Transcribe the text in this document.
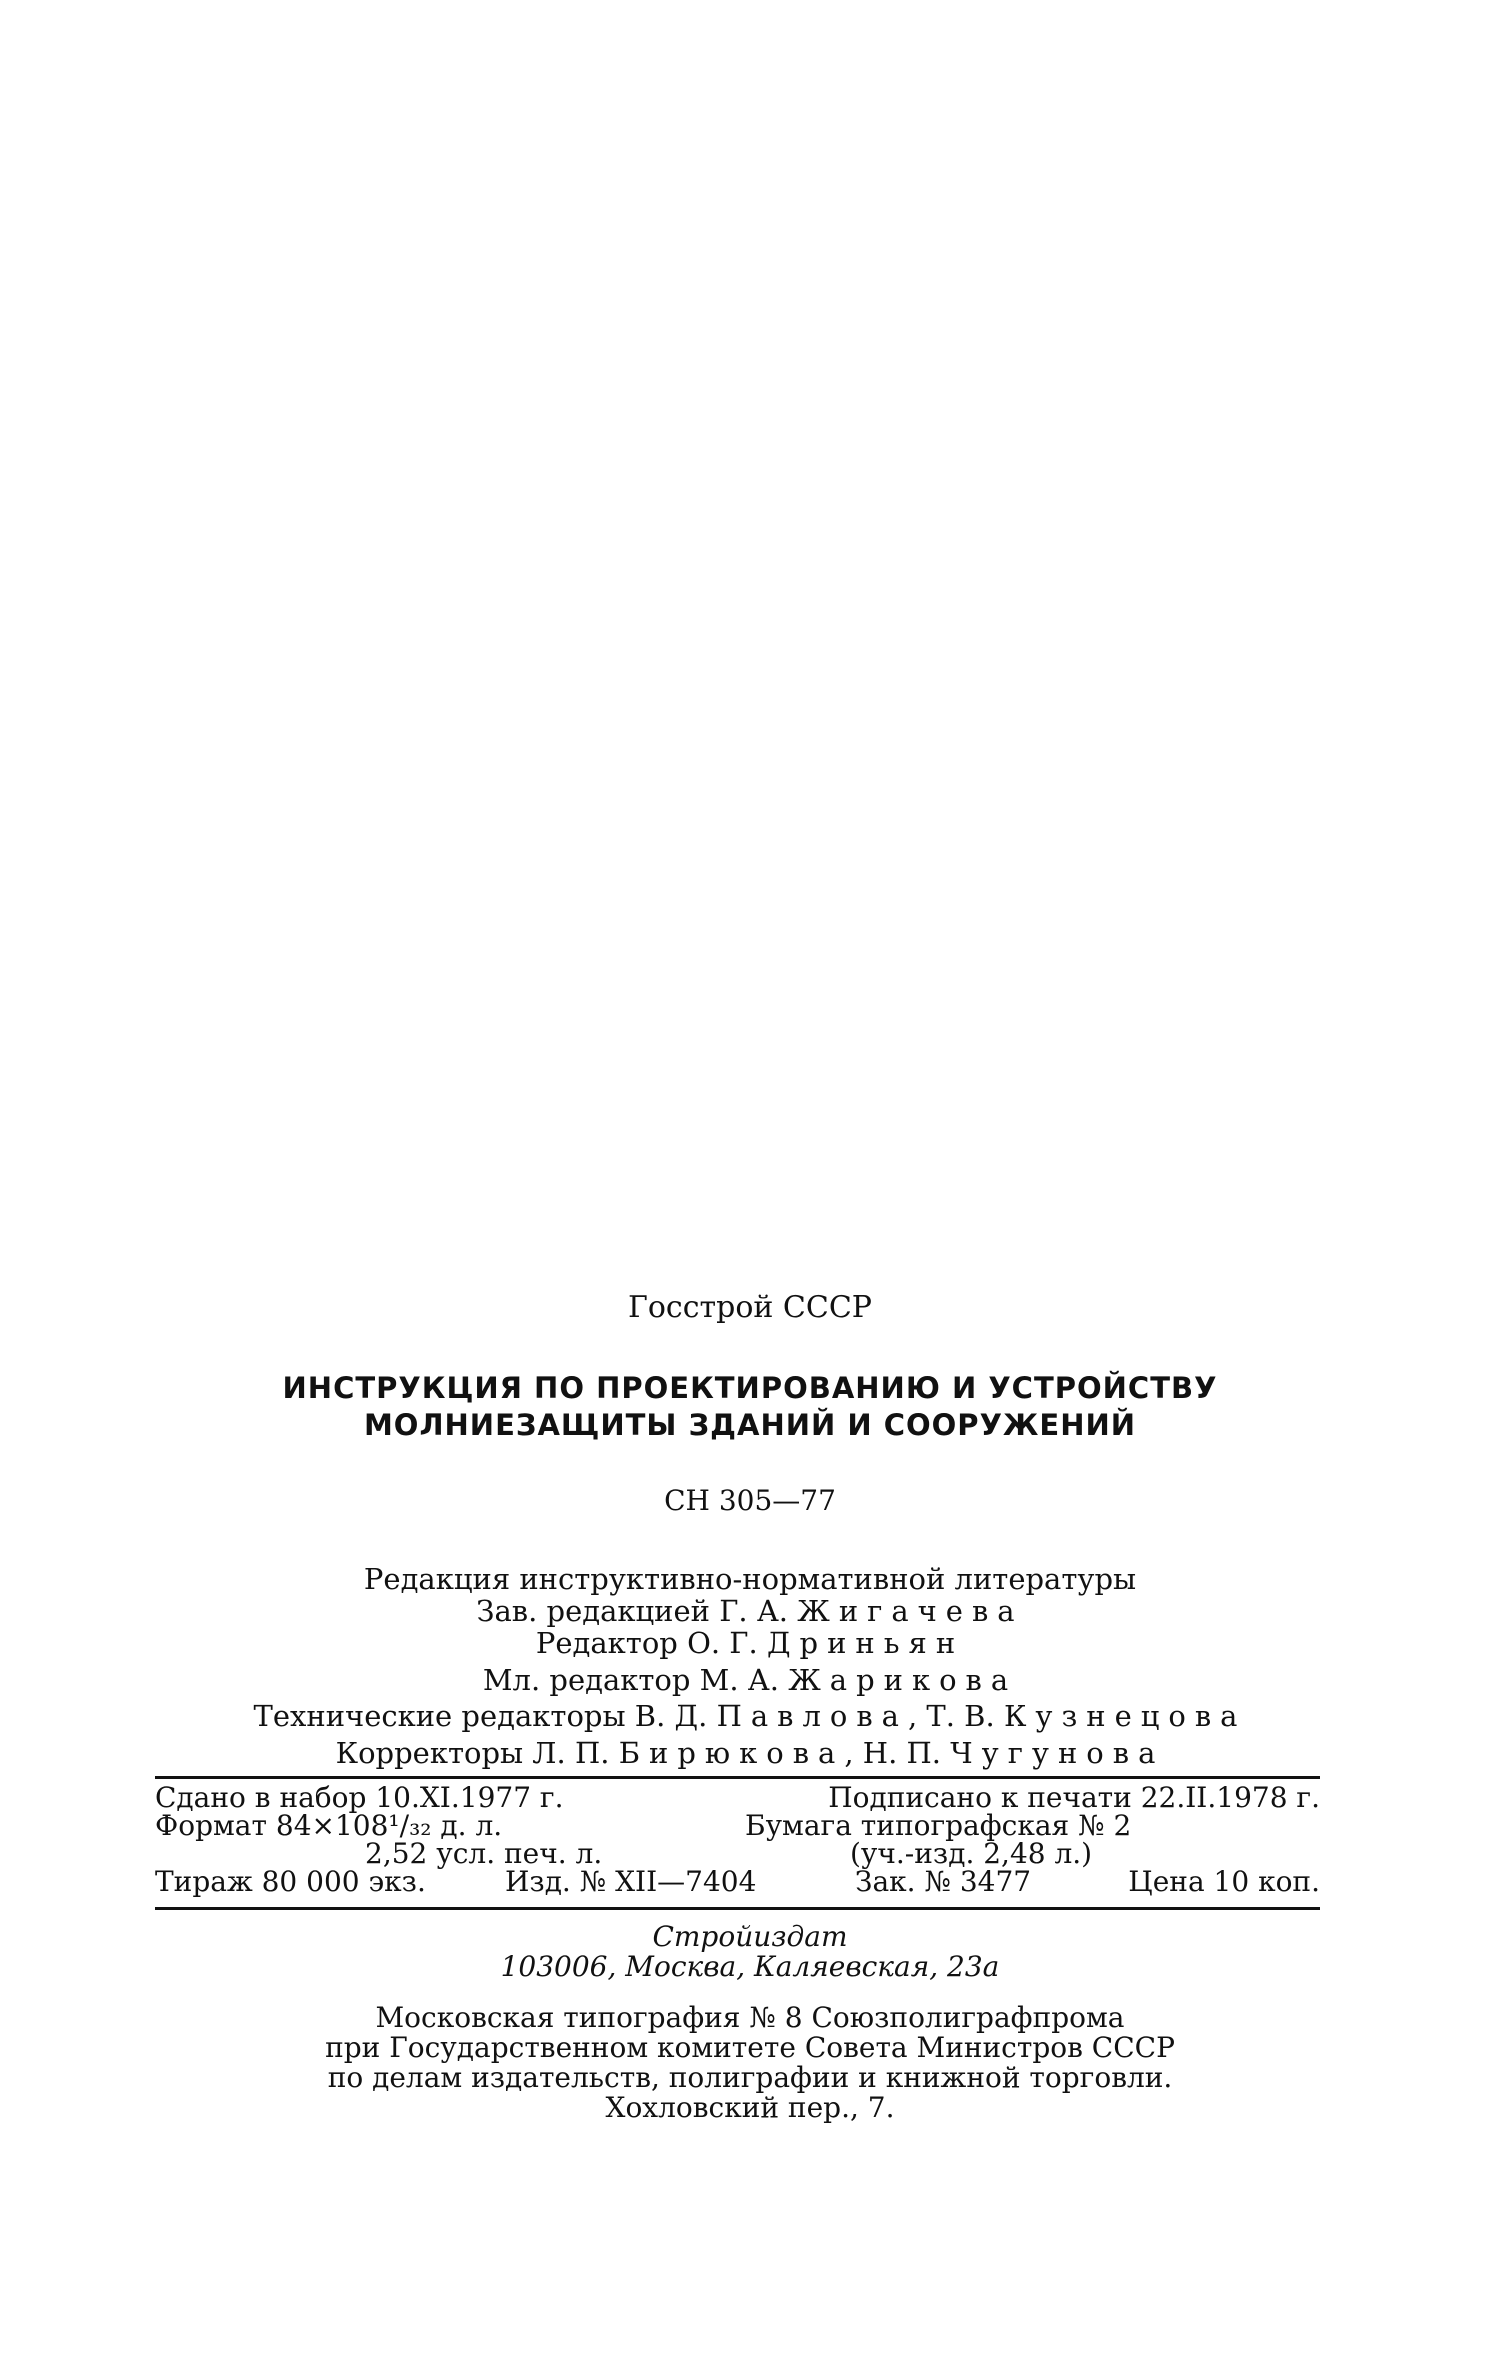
Госстрой СССР
ИНСТРУКЦИЯ ПО ПРОЕКТИРОВАНИЮ И УСТРОЙСТВУ
МОЛНИЕЗАЩИТЫ ЗДАНИЙ И СООРУЖЕНИЙ
СН 305—77
Редакция инструктивно-нормативной литературы
Зав. редакцией Г. А. Жигачева
Редактор О. Г. Дриньян
Мл. редактор М. А. Жарикова
Технические редакторы В. Д. Павлова, Т. В. Кузнецова
Корректоры Л. П. Бирюкова, Н. П. Чугунова
Сдано в набор 10.XI.1977 г.	Подписано к печати 22.II.1978 г.
Формат 84×108¹/₃₂ д. л.	Бумага типографская № 2
2,52 усл. печ. л.	(уч.-изд. 2,48 л.)
Тираж 80 000 экз.	Изд. № XII—7404	Зак. № 3477	Цена 10 коп.
Стройиздат
103006, Москва, Каляевская, 23а
Московская типография № 8 Союзполиграфпрома
при Государственном комитете Совета Министров СССР
по делам издательств, полиграфии и книжной торговли.
Хохловский пер., 7.
